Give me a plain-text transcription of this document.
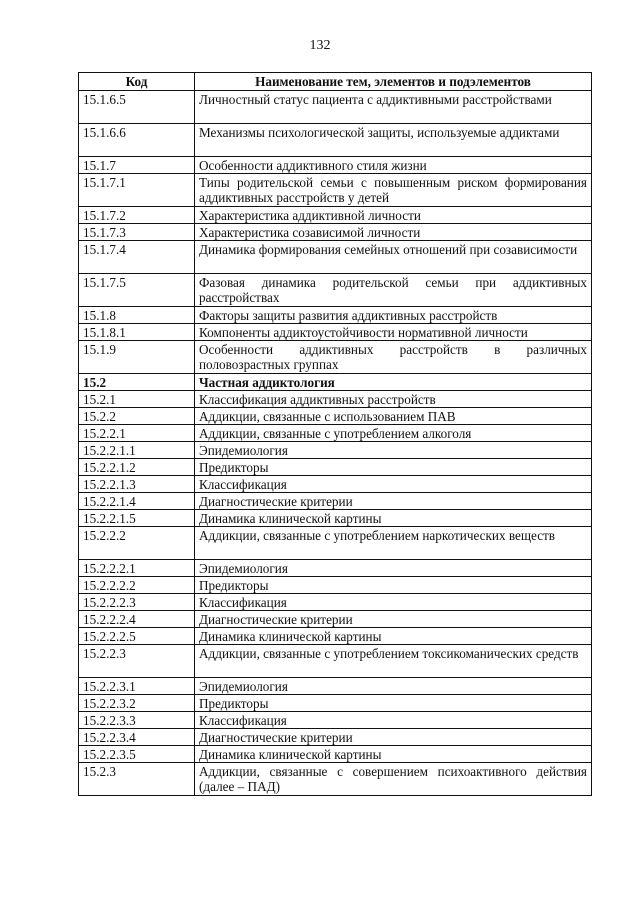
132
Код	Наименование тем, элементов и подэлементов
15.1.6.5	Личностный статус пациента с аддиктивными расстройствами
15.1.6.6	Механизмы психологической защиты, используемые аддиктами
15.1.7	Особенности аддиктивного стиля жизни
15.1.7.1	Типы родительской семьи с повышенным риском формирования аддиктивных расстройств у детей
15.1.7.2	Характеристика аддиктивной личности
15.1.7.3	Характеристика созависимой личности
15.1.7.4	Динамика формирования семейных отношений при созависимости
15.1.7.5	Фазовая динамика родительской семьи при аддиктивных расстройствах
15.1.8	Факторы защиты развития аддиктивных расстройств
15.1.8.1	Компоненты аддиктоустойчивости нормативной личности
15.1.9	Особенности аддиктивных расстройств в различных половозрастных группах
15.2	Частная аддиктология
15.2.1	Классификация аддиктивных расстройств
15.2.2	Аддикции, связанные с использованием ПАВ
15.2.2.1	Аддикции, связанные с употреблением алкоголя
15.2.2.1.1	Эпидемиология
15.2.2.1.2	Предикторы
15.2.2.1.3	Классификация
15.2.2.1.4	Диагностические критерии
15.2.2.1.5	Динамика клинической картины
15.2.2.2	Аддикции, связанные с употреблением наркотических веществ
15.2.2.2.1	Эпидемиология
15.2.2.2.2	Предикторы
15.2.2.2.3	Классификация
15.2.2.2.4	Диагностические критерии
15.2.2.2.5	Динамика клинической картины
15.2.2.3	Аддикции, связанные с употреблением токсикоманических средств
15.2.2.3.1	Эпидемиология
15.2.2.3.2	Предикторы
15.2.2.3.3	Классификация
15.2.2.3.4	Диагностические критерии
15.2.2.3.5	Динамика клинической картины
15.2.3	Аддикции, связанные с совершением психоактивного действия (далее – ПАД)
